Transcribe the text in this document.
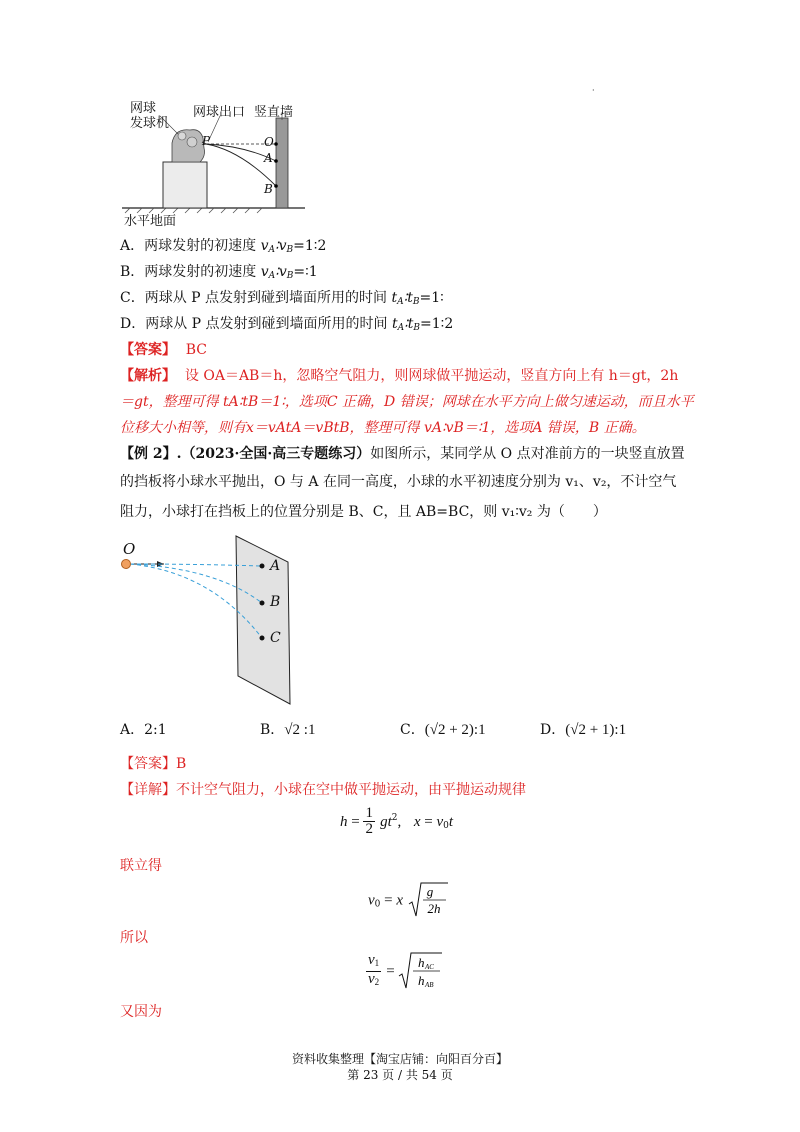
·
网球
发球机
网球出口 竖直墙
P	O
A
B
水平地面
A．两球发射的初速度 $v_A∶v_B=1∶2$
B．两球发射的初速度 $v_A∶v_B=∶1$
C．两球从 P 点发射到碰到墙面所用的时间 $t_A∶t_B=1∶$
D．两球从 P 点发射到碰到墙面所用的时间 $t_A∶t_B=1∶2$
【答案】 BC
【解析】 设 OA＝AB＝h，忽略空气阻力，则网球做平抛运动，竖直方向上有 h＝gt，2h
＝gt，整理可得 tA∶tB＝1∶，选项C 正确，D 错误；网球在水平方向上做匀速运动，而且水平
位移大小相等，则有x＝vAtA＝vBtB，整理可得 vA∶vB＝∶1，选项A 错误，B 正确。
【例 2】.（2023·全国·高三专题练习）如图所示，某同学从 O 点对准前方的一块竖直放置
的挡板将小球水平抛出，O 与 A 在同一高度，小球的水平初速度分别为 v₁、v₂，不计空气
阻力，小球打在挡板上的位置分别是 B、C，且 AB=BC，则 v₁∶v₂ 为（　　）
O
A
B
C
A．2:1	B．√2 :1	C．(√2 + 2):1	D．(√2 + 1):1
【答案】B
【详解】不计空气阻力，小球在空中做平抛运动，由平抛运动规律
$h = \frac{1}{2} gt^2$,   $x = v_0t$
联立得
$v_0 = x$
g
2h
所以
$\frac{v_1}{v_2}$ =
h AC
h AB
又因为
资料收集整理【淘宝店铺：向阳百分百】
第 23 页 / 共 54 页
